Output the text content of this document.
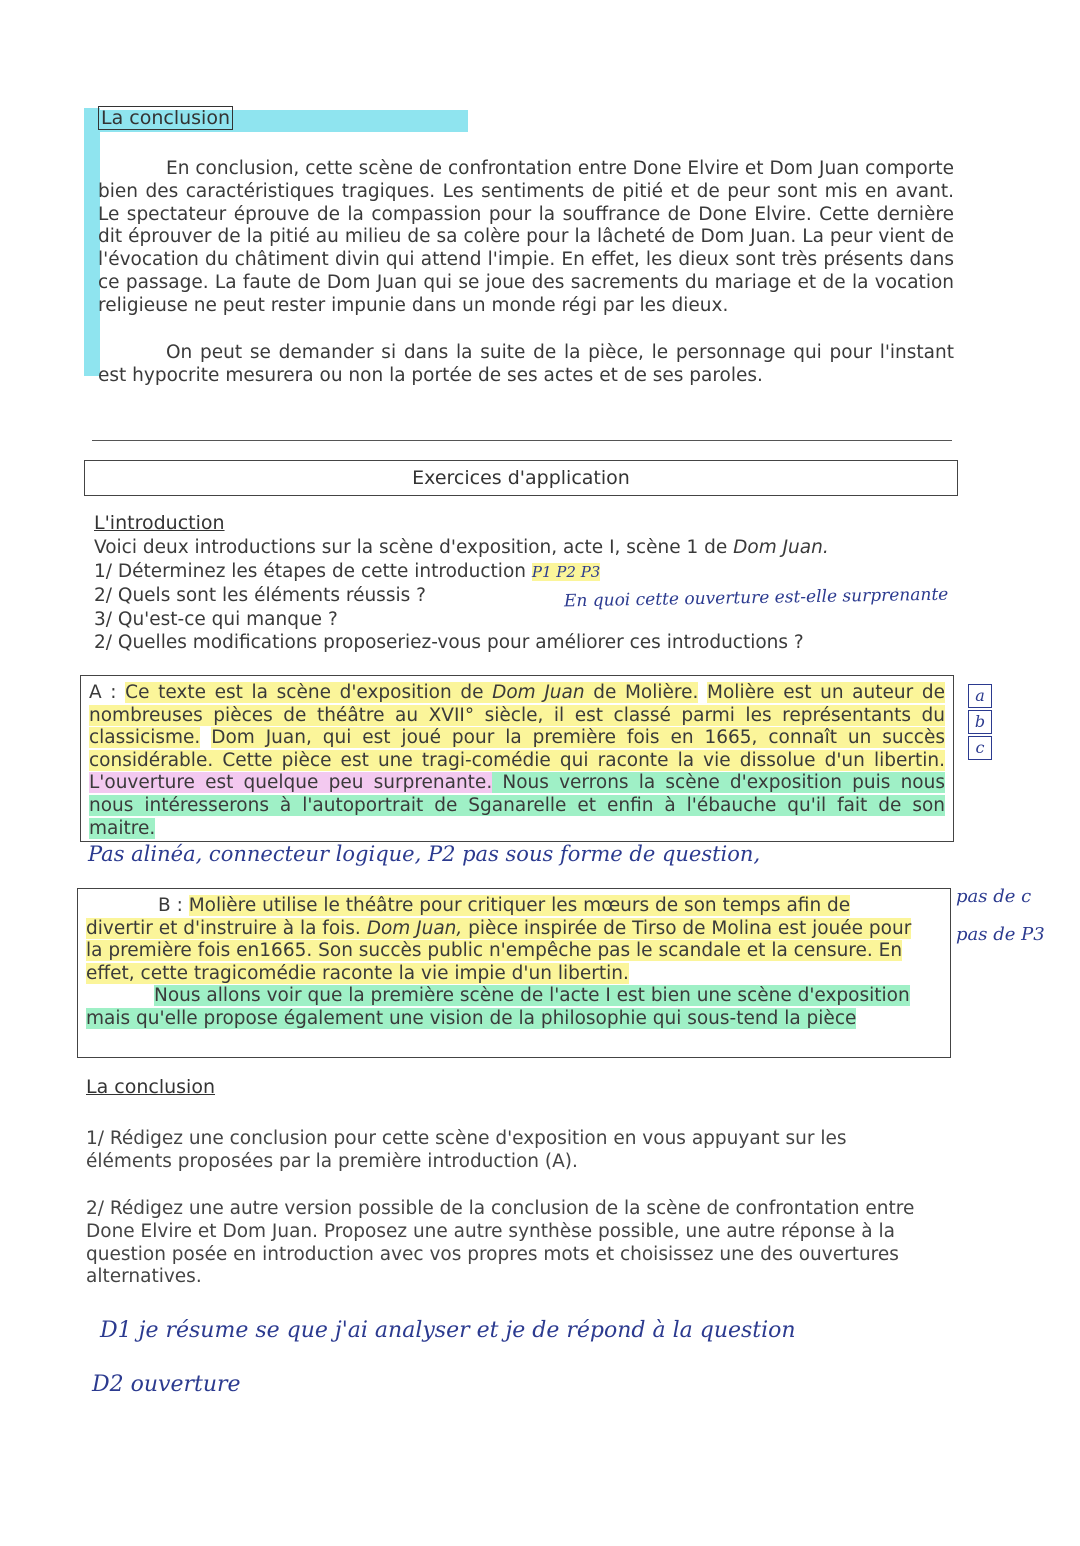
La conclusion
En conclusion, cette scène de confrontation entre Done Elvire et Dom Juan comporte bien des caractéristiques tragiques. Les sentiments de pitié et de peur sont mis en avant. Le spectateur éprouve de la compassion pour la souffrance de Done Elvire. Cette dernière dit éprouver de la pitié au milieu de sa colère pour la lâcheté de Dom Juan. La peur vient de l'évocation du châtiment divin qui attend l'impie. En effet, les dieux sont très présents dans ce passage. La faute de Dom Juan qui se joue des sacrements du mariage et de la vocation religieuse ne peut rester impunie dans un monde régi par les dieux.
On peut se demander si dans la suite de la pièce, le personnage qui pour l'instant est hypocrite mesurera ou non la portée de ses actes et de ses paroles.
Exercices d'application
L'introduction
Voici deux introductions sur la scène d'exposition, acte I, scène 1 de Dom Juan.
1/ Déterminez les étapes de cette introduction P1 P2 P3
2/ Quels sont les éléments réussis ?
3/ Qu'est-ce qui manque ?
2/ Quelles modifications proposeriez-vous pour améliorer ces introductions ?
En quoi cette ouverture est-elle surprenante
A : Ce texte est la scène d'exposition de Dom Juan de Molière. Molière est un auteur de nombreuses pièces de théâtre au XVII° siècle, il est classé parmi les représentants du classicisme. Dom Juan, qui est joué pour la première fois en 1665, connaît un succès considérable. Cette pièce est une tragi-comédie qui raconte la vie dissolue d'un libertin. L'ouverture est quelque peu surprenante. Nous verrons la scène d'exposition puis nous nous intéresserons à l'autoportrait de Sganarelle et enfin à l'ébauche qu'il fait de son maitre.
a
b
c
Pas alinéa, connecteur logique, P2 pas sous forme de question,
B : Molière utilise le théâtre pour critiquer les mœurs de son temps afin de divertir et d'instruire à la fois. Dom Juan, pièce inspirée de Tirso de Molina est jouée pour la première fois en1665. Son succès public n'empêche pas le scandale et la censure. En effet, cette tragicomédie raconte la vie impie d'un libertin.
Nous allons voir que la première scène de l'acte I est bien une scène d'exposition mais qu'elle propose également une vision de la philosophie qui sous-tend la pièce
pas de c
pas de P3
La conclusion
1/ Rédigez une conclusion pour cette scène d'exposition en vous appuyant sur les éléments proposées par la première introduction (A).
2/ Rédigez une autre version possible de la conclusion de la scène de confrontation entre Done Elvire et Dom Juan. Proposez une autre synthèse possible, une autre réponse à la question posée en introduction avec vos propres mots et choisissez une des ouvertures alternatives.
D1 je résume se que j'ai analyser et je de répond à la question
D2 ouverture
